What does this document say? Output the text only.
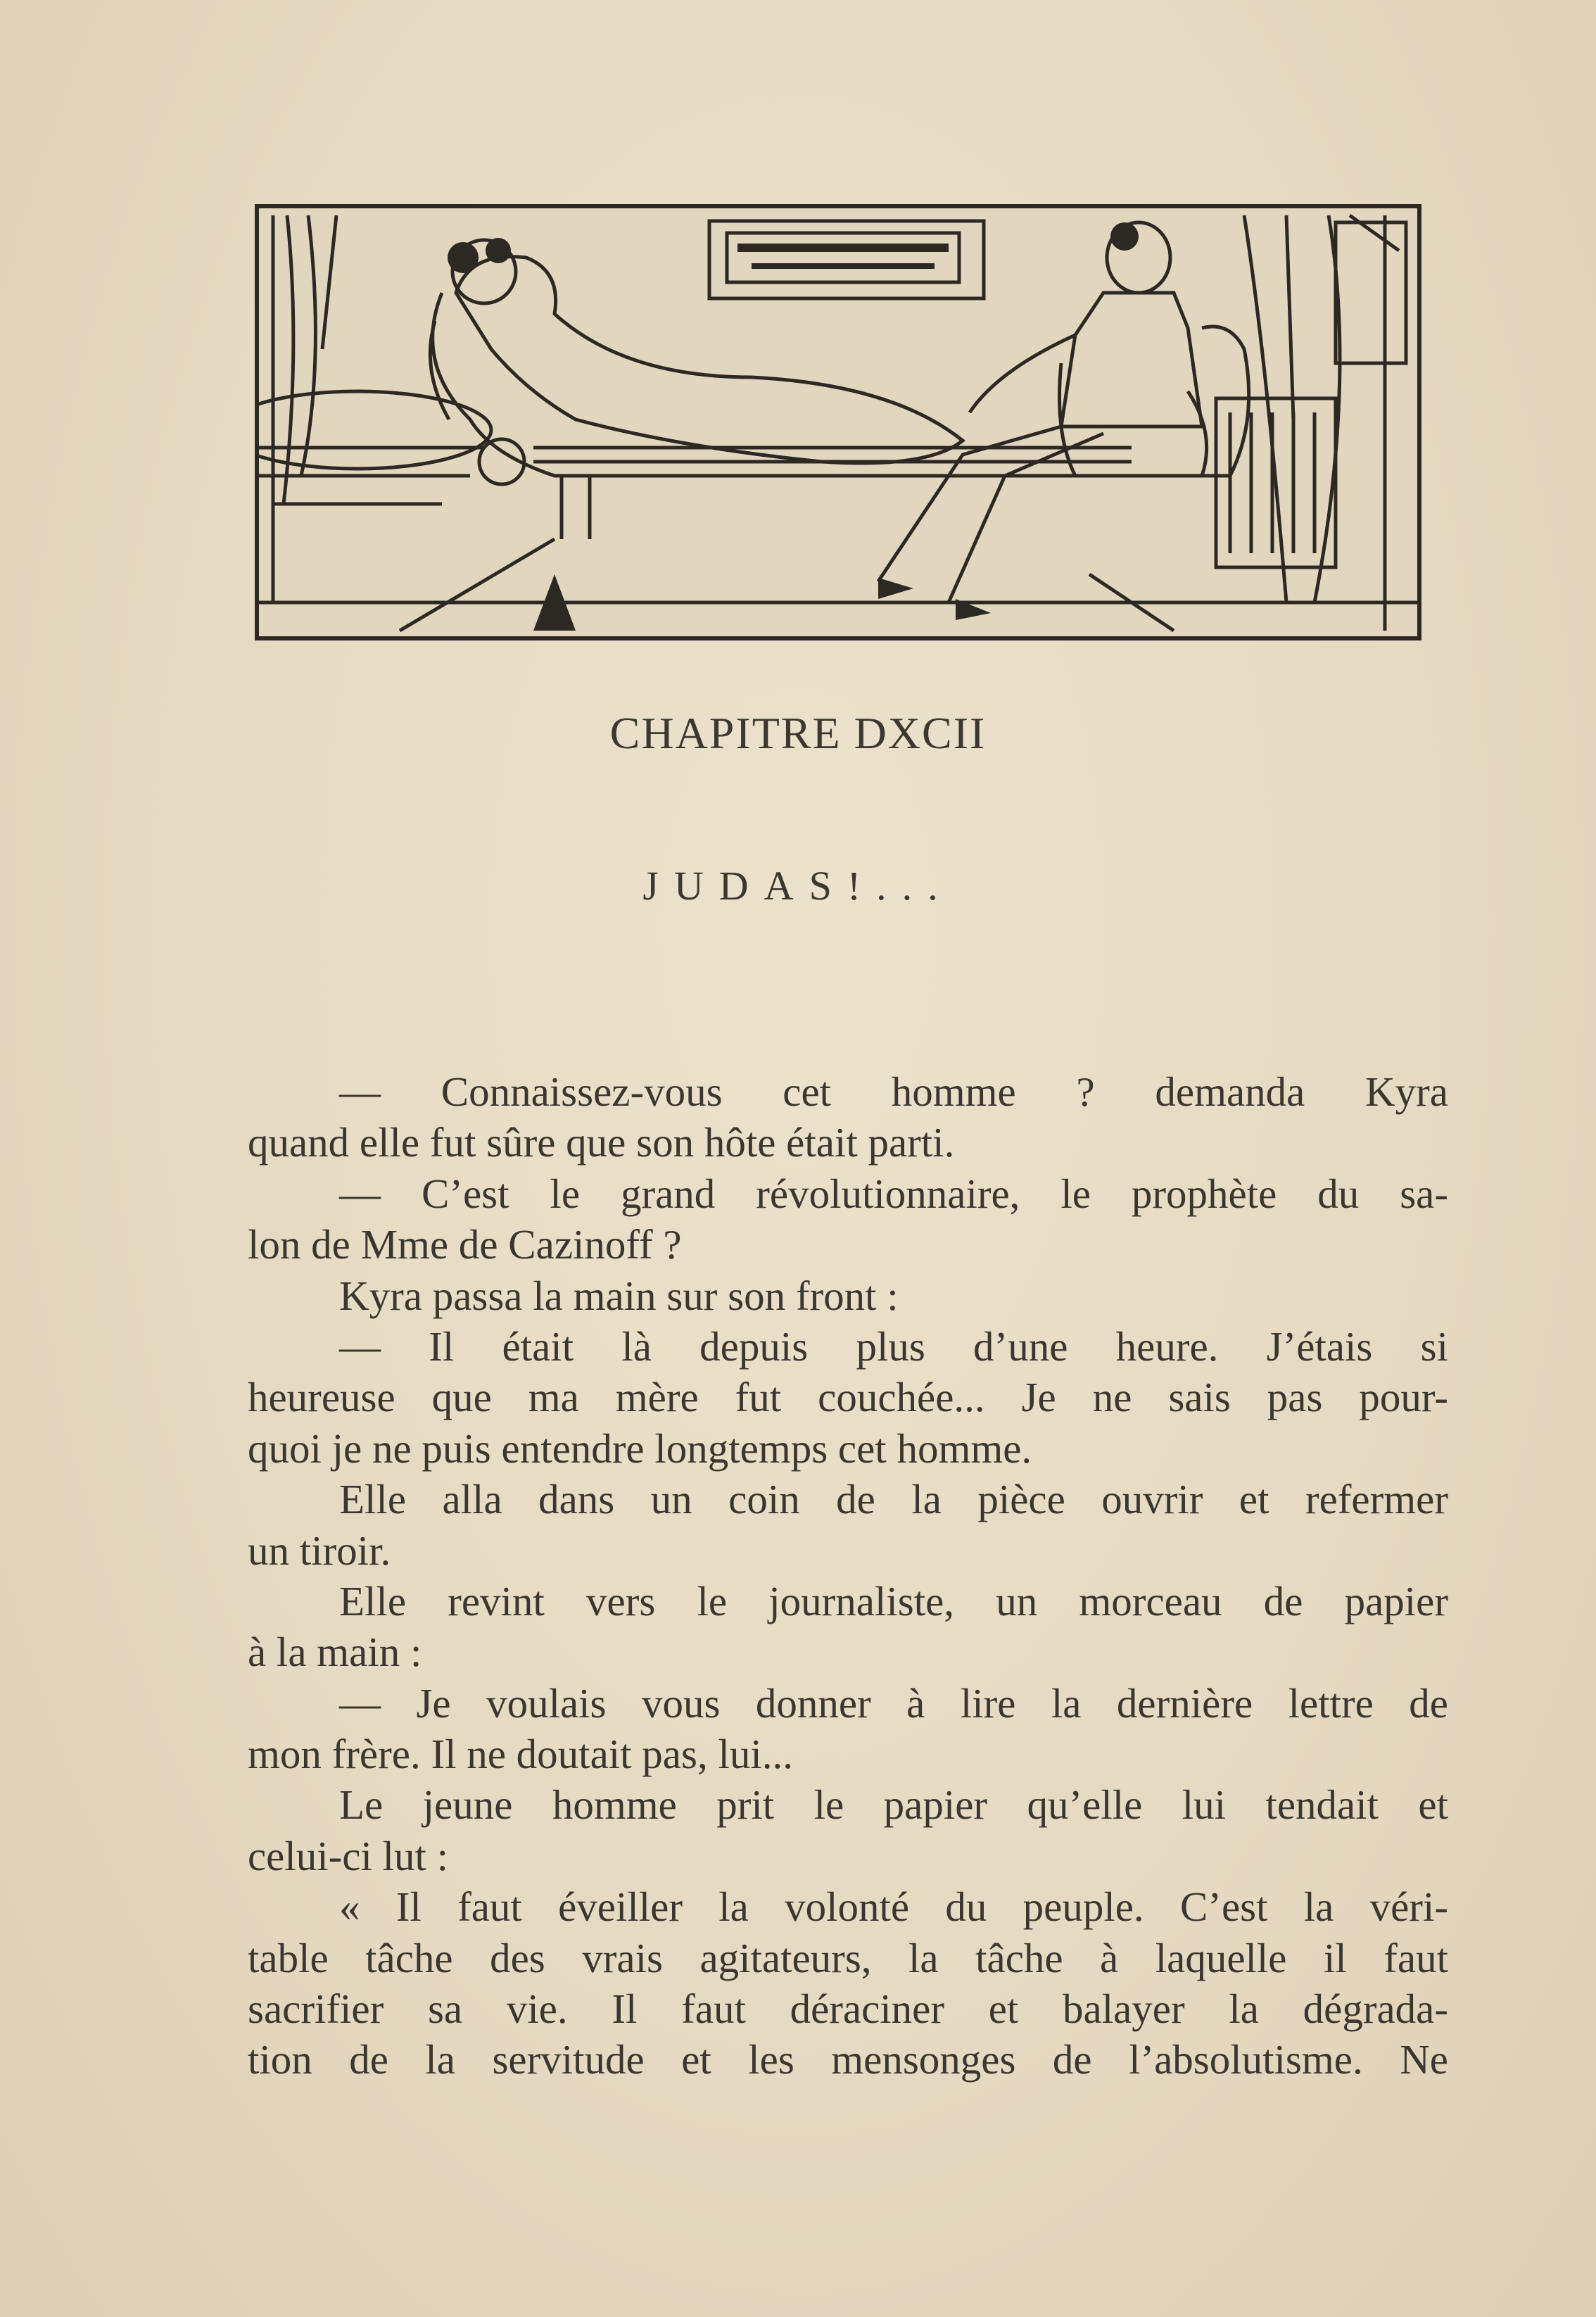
CHAPITRE DXCII
JUDAS!...
— Connaissez-vous cet homme ? demanda Kyra
quand elle fut sûre que son hôte était parti.
— C’est le grand révolutionnaire, le prophète du sa-
lon de Mme de Cazinoff ?
Kyra passa la main sur son front :
— Il était là depuis plus d’une heure. J’étais si
heureuse que ma mère fut couchée... Je ne sais pas pour-
quoi je ne puis entendre longtemps cet homme.
Elle alla dans un coin de la pièce ouvrir et refermer
un tiroir.
Elle revint vers le journaliste, un morceau de papier
à la main :
— Je voulais vous donner à lire la dernière lettre de
mon frère. Il ne doutait pas, lui...
Le jeune homme prit le papier qu’elle lui tendait et
celui-ci lut :
« Il faut éveiller la volonté du peuple. C’est la véri-
table tâche des vrais agitateurs, la tâche à laquelle il faut
sacrifier sa vie. Il faut déraciner et balayer la dégrada-
tion de la servitude et les mensonges de l’absolutisme. Ne
